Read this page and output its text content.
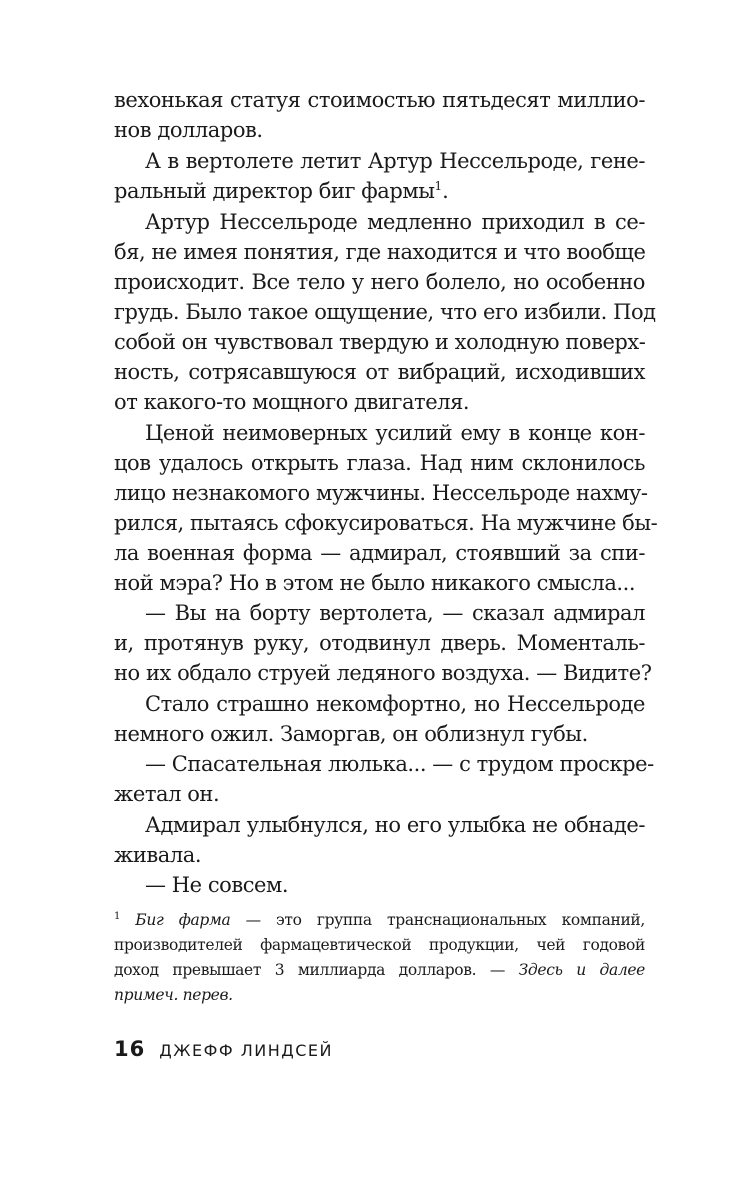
вехонькая статуя стоимостью пятьдесят миллио-
нов долларов.
А в вертолете летит Артур Нессельроде, гене-
ральный директор биг фармы$^1$.
Артур Нессельроде медленно приходил в се-
бя, не имея понятия, где находится и что вообще
происходит. Все тело у него болело, но особенно
грудь. Было такое ощущение, что его избили. Под
собой он чувствовал твердую и холодную поверх-
ность, сотрясавшуюся от вибраций, исходивших
от какого-то мощного двигателя.
Ценой неимоверных усилий ему в конце кон-
цов удалось открыть глаза. Над ним склонилось
лицо незнакомого мужчины. Нессельроде нахму-
рился, пытаясь сфокусироваться. На мужчине бы-
ла военная форма — адмирал, стоявший за спи-
ной мэра? Но в этом не было никакого смысла...
— Вы на борту вертолета, — сказал адмирал
и, протянув руку, отодвинул дверь. Моменталь-
но их обдало струей ледяного воздуха. — Видите?
Стало страшно некомфортно, но Нессельроде
немного ожил. Заморгав, он облизнул губы.
— Спасательная люлька... — с трудом проскре-
жетал он.
Адмирал улыбнулся, но его улыбка не обнаде-
живала.
— Не совсем.
$^1$ Биг фарма — это группа транснациональных компаний,
производителей фармацевтической продукции, чей годовой
доход превышает 3 миллиарда долларов. — Здесь и далее
примеч. перев.
16 ДЖЕФФ ЛИНДСЕЙ
